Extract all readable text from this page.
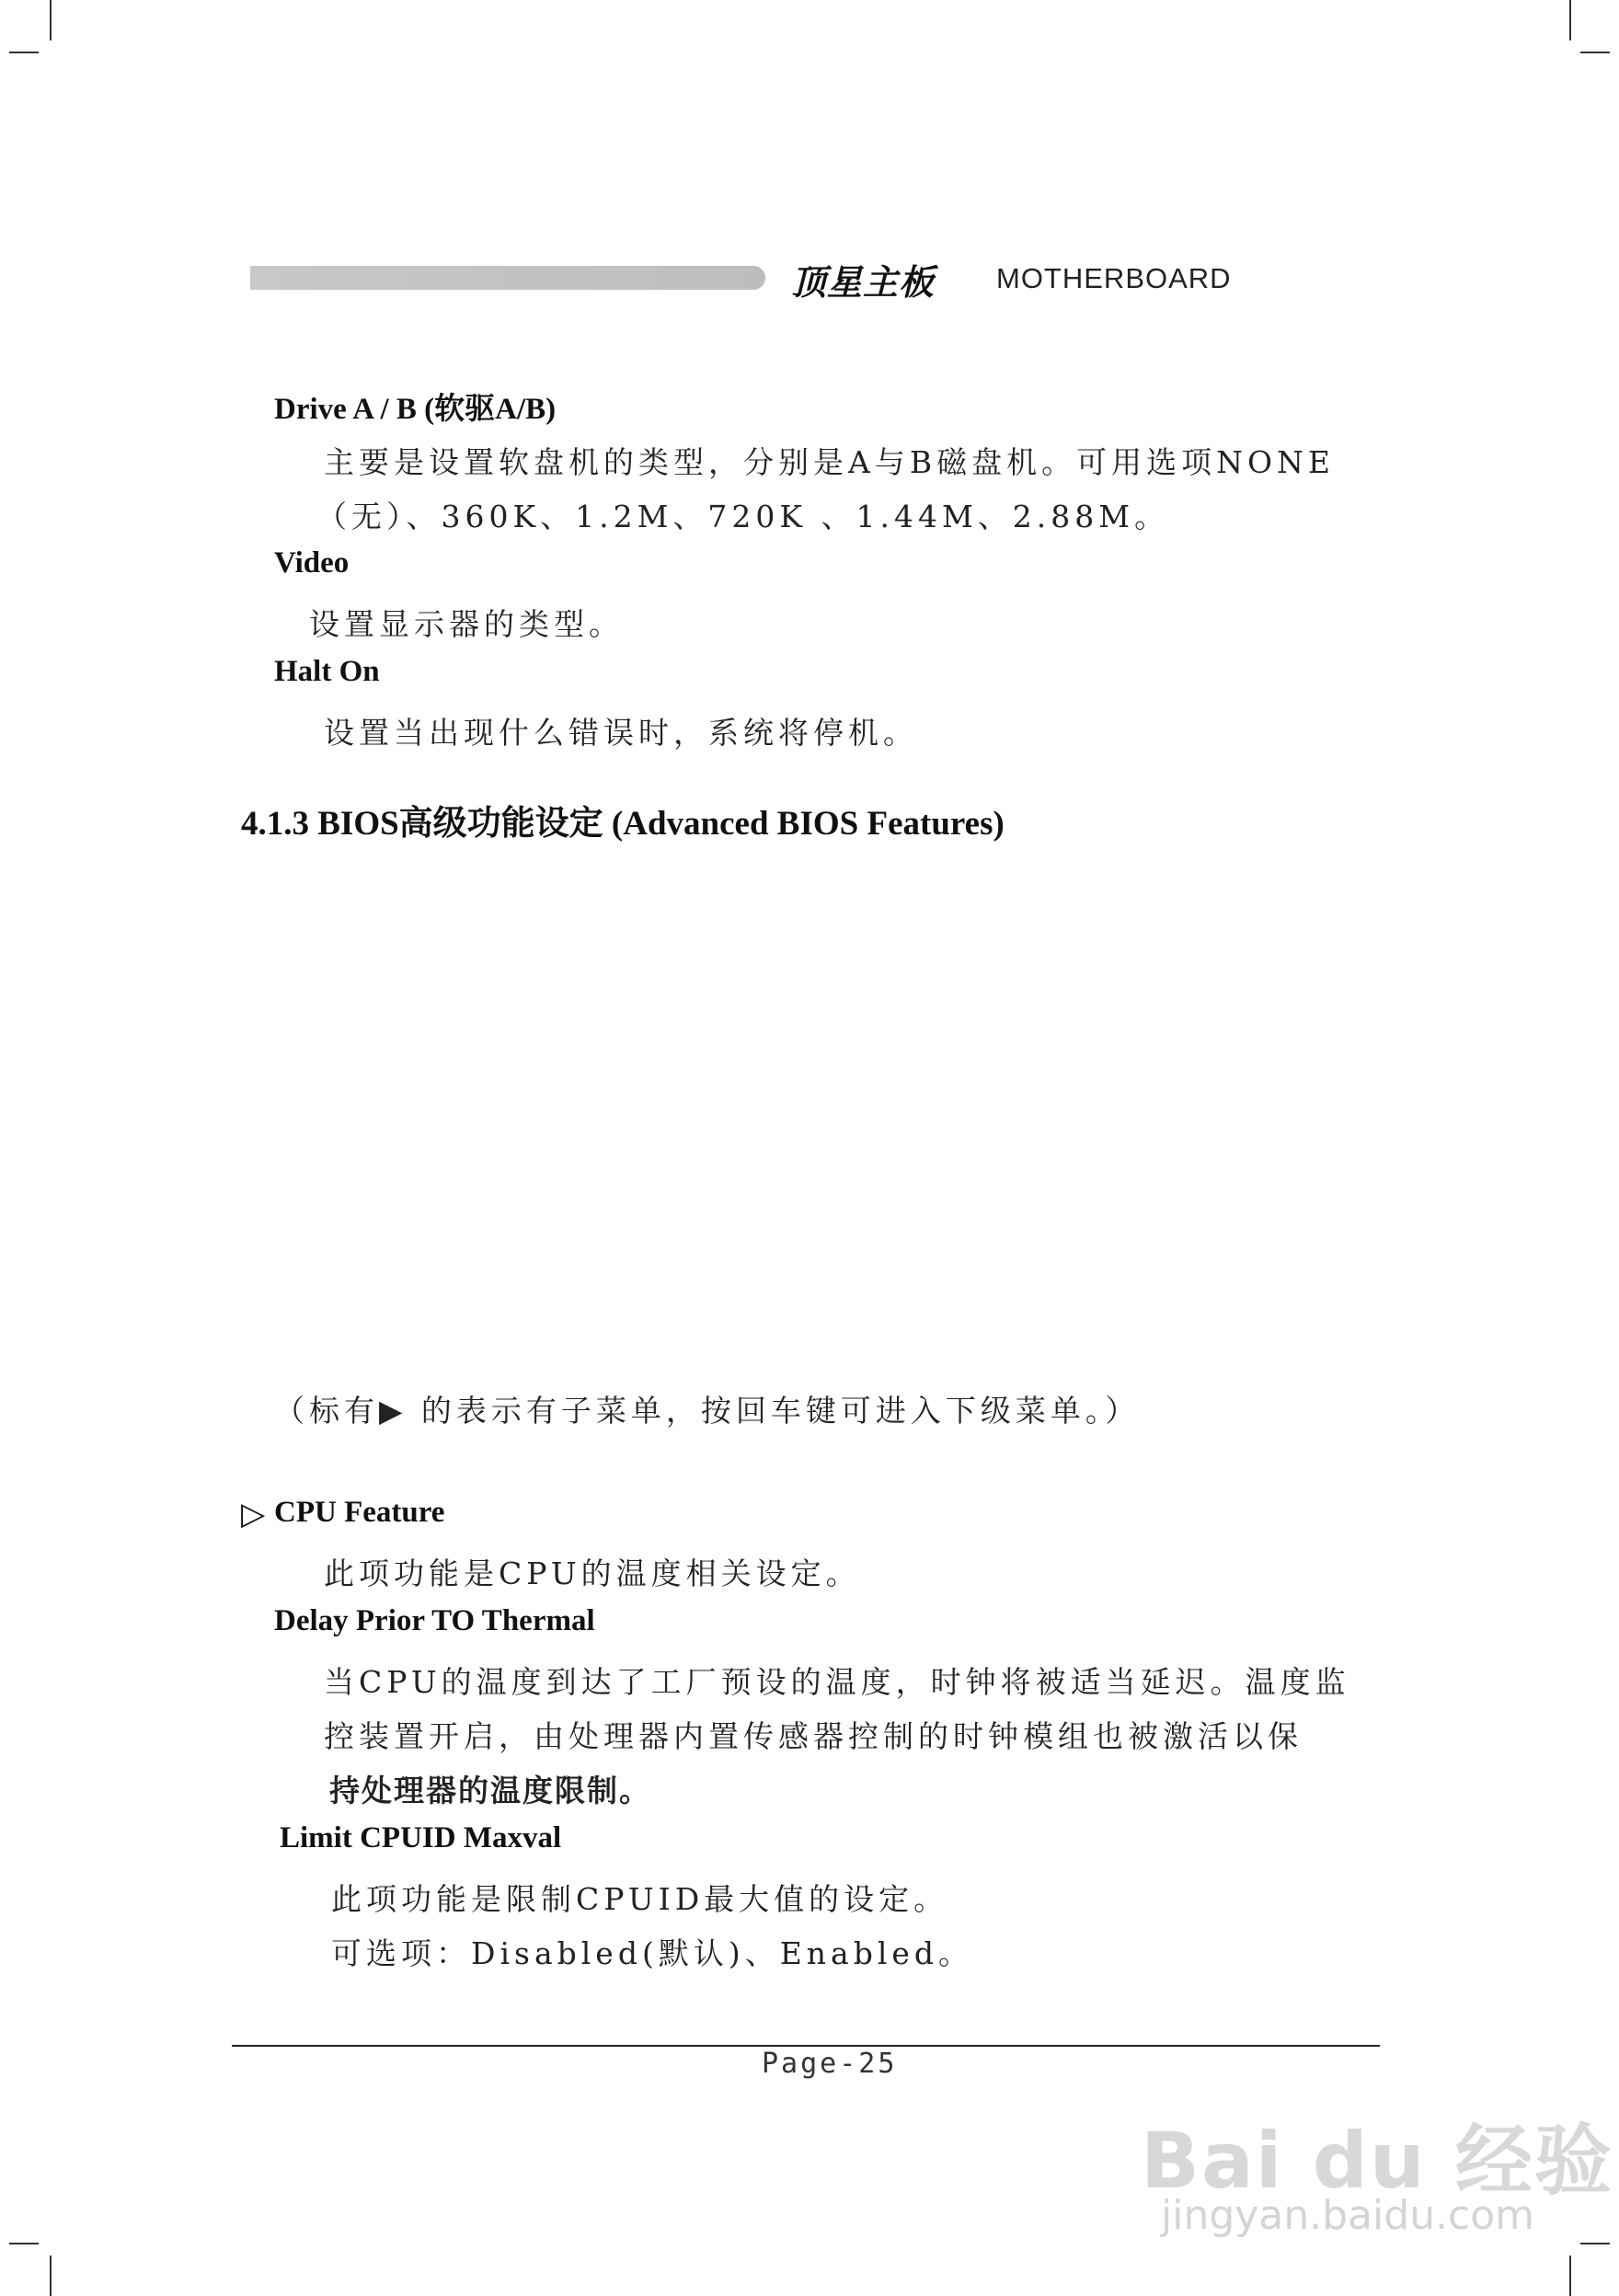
顶星主板 MOTHERBOARD
Drive A / B (软驱A/B)
主要是设置软盘机的类型，分别是A与B磁盘机。可用选项NONE
（无）、360K、1.2M、720K 、1.44M、2.88M。
Video
设置显示器的类型。
Halt On
设置当出现什么错误时，系统将停机。
4.1.3 BIOS高级功能设定 (Advanced BIOS Features)
（标有▶ 的表示有子菜单，按回车键可进入下级菜单。）
▷ CPU Feature
此项功能是CPU的温度相关设定。
Delay Prior TO Thermal
当CPU的温度到达了工厂预设的温度，时钟将被适当延迟。温度监
控装置开启，由处理器内置传感器控制的时钟模组也被激活以保
持处理器的温度限制。
Limit CPUID Maxval
此项功能是限制CPUID最大值的设定。
可选项：Disabled(默认)、Enabled。
Page-25
Bai du 经验
jingyan.baidu.com
